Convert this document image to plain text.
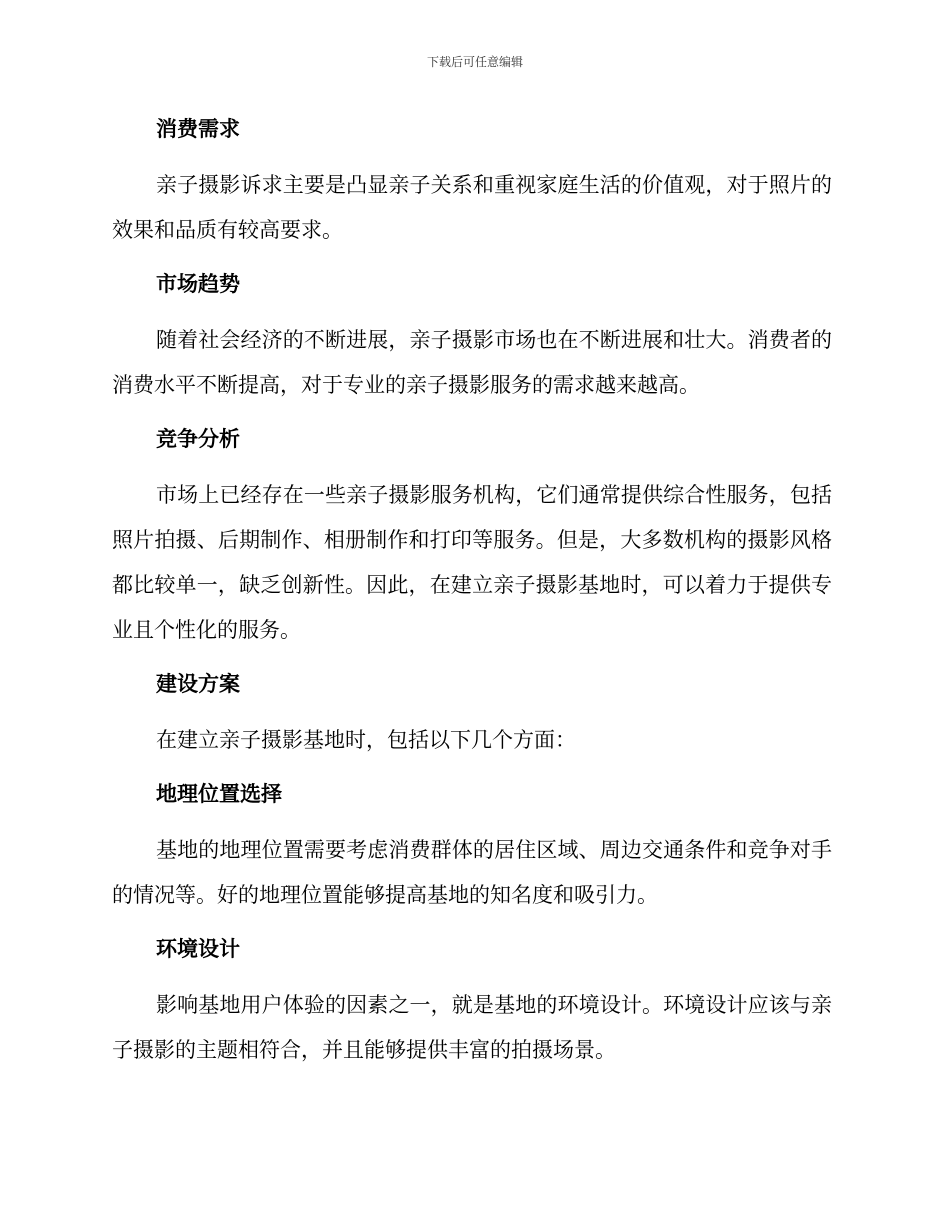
下载后可任意编辑
消费需求
亲子摄影诉求主要是凸显亲子关系和重视家庭生活的价值观，对于照片的效果和品质有较高要求。
市场趋势
随着社会经济的不断进展，亲子摄影市场也在不断进展和壮大。消费者的消费水平不断提高，对于专业的亲子摄影服务的需求越来越高。
竞争分析
市场上已经存在一些亲子摄影服务机构，它们通常提供综合性服务，包括照片拍摄、后期制作、相册制作和打印等服务。但是，大多数机构的摄影风格都比较单一，缺乏创新性。因此，在建立亲子摄影基地时，可以着力于提供专业且个性化的服务。
建设方案
在建立亲子摄影基地时，包括以下几个方面：
地理位置选择
基地的地理位置需要考虑消费群体的居住区域、周边交通条件和竞争对手的情况等。好的地理位置能够提高基地的知名度和吸引力。
环境设计
影响基地用户体验的因素之一，就是基地的环境设计。环境设计应该与亲子摄影的主题相符合，并且能够提供丰富的拍摄场景。
